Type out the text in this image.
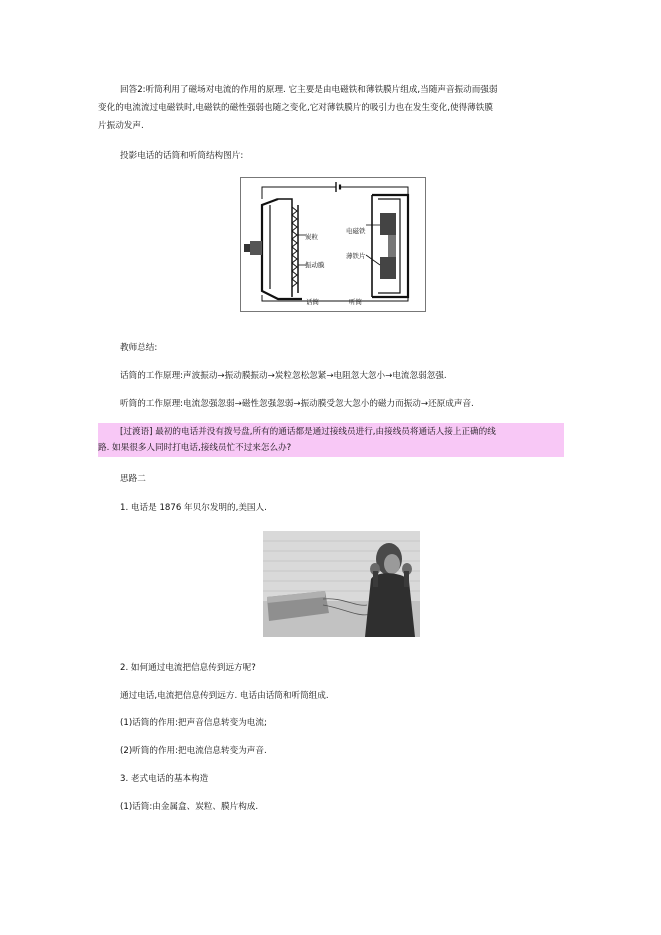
回答2:听筒利用了磁场对电流的作用的原理. 它主要是由电磁铁和薄铁膜片组成,当随声音振动而强弱
变化的电流流过电磁铁时,电磁铁的磁性强弱也随之变化,它对薄铁膜片的吸引力也在发生变化,使得薄铁膜
片振动发声.
投影电话的话筒和听筒结构图片:
炭粒
振动膜
电磁铁
薄铁片
话筒	听筒
教师总结:
话筒的工作原理:声波振动→振动膜振动→炭粒忽松忽紧→电阻忽大忽小→电流忽弱忽强.
听筒的工作原理:电流忽强忽弱→磁性忽强忽弱→振动膜受忽大忽小的磁力而振动→还原成声音.
[过渡语] 最初的电话并没有拨号盘,所有的通话都是通过接线员进行,由接线员将通话人接上正确的线
路. 如果很多人同时打电话,接线员忙不过来怎么办?
思路二
1. 电话是 1876 年贝尔发明的,美国人.
2. 如何通过电流把信息传到远方呢?
通过电话,电流把信息传到远方. 电话由话筒和听筒组成.
(1)话筒的作用:把声音信息转变为电流;
(2)听筒的作用:把电流信息转变为声音.
3. 老式电话的基本构造
(1)话筒:由金属盒、炭粒、膜片构成.
